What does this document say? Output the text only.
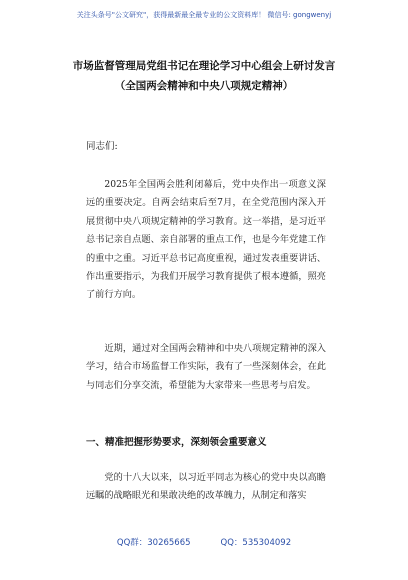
关注头条号"公文研究"，获得最新最全最专业的公文资料库！ 微信号: gongwenyj
市场监督管理局党组书记在理论学习中心组会上研讨发言
（全国两会精神和中央八项规定精神）
同志们:
2025年全国两会胜利闭幕后，党中央作出一项意义深远的重要决定。自两会结束后至7月，在全党范围内深入开展贯彻中央八项规定精神的学习教育。这一举措，是习近平总书记亲自点题、亲自部署的重点工作，也是今年党建工作的重中之重。习近平总书记高度重视，通过发表重要讲话、作出重要指示，为我们开展学习教育提供了根本遵循，照亮了前行方向。
近期，通过对全国两会精神和中央八项规定精神的深入学习，结合市场监督工作实际，我有了一些深刻体会，在此与同志们分享交流，希望能为大家带来一些思考与启发。
一、精准把握形势要求，深刻领会重要意义
党的十八大以来，以习近平同志为核心的党中央以高瞻远瞩的战略眼光和果敢决绝的改革魄力，从制定和落实
QQ群：30265665	QQ：535304092
